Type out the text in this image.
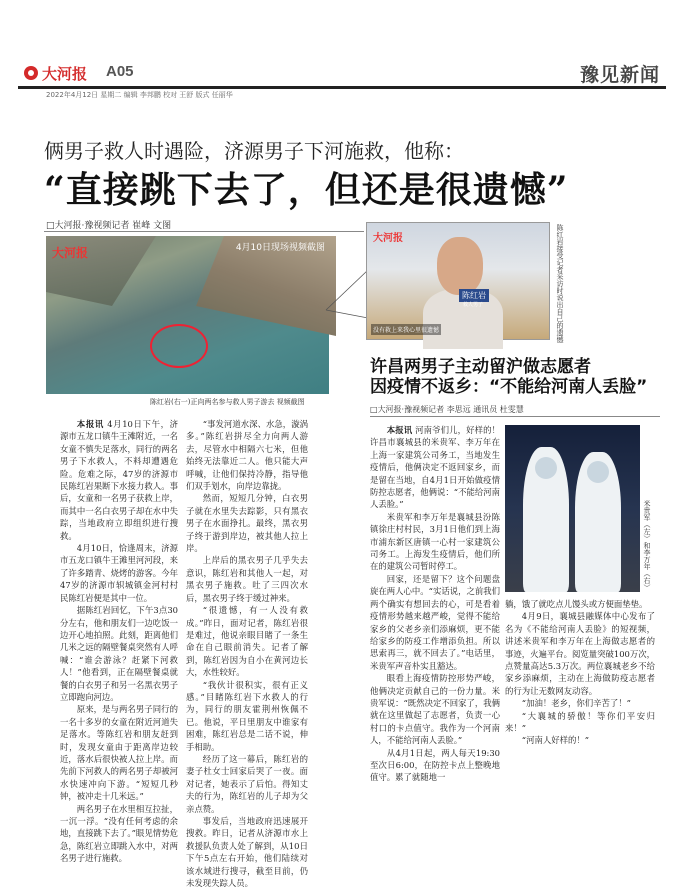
大河报 A05	豫见新闻
2022年4月12日 星期二 编辑 李邦鹏 校对 王舒 版式 任丽华
俩男子救人时遇险，济源男子下河施救，他称：
“直接跳下去了，但还是很遗憾”
□大河报·豫视频记者 崔峰 文图
大河报	4月10日现场视频截图
陈红岩(右一)正向两名参与救人男子游去 视频截图
大河报
陈红岩
救人男子
没有救上来我心里很遗憾	陈红岩接受记者采访时说出自己的遗憾

本报讯 4月10日下午，济源市五龙口镇牛王滩附近，一名女童不慎失足落水，同行的两名男子下水救人，不料却遭遇危险。危难之际，47岁的济源市民陈红岩果断下水接力救人。事后，女童和一名男子获救上岸，而其中一名白衣男子却在水中失踪，当地政府立即组织进行搜救。

4月10日，恰逢周末，济源市五龙口镇牛王滩里河河段，来了许多踏青、烧烤的游客。今年47岁的济源市轵城镇金河村村民陈红岩便是其中一位。

据陈红岩回忆，下午3点30分左右，他和朋友们一边吃饭一边开心地拍照。此刻，距离他们几米之远的隔壁餐桌突然有人呼喊：“谁会游泳？赶紧下河救人！”他看到，正在隔壁餐桌就餐的白衣男子和另一名黑衣男子立即跑向河边。

原来，是与两名男子同行的一名十多岁的女童在附近河道失足落水。等陈红岩和朋友赶到时，发现女童由于距离岸边较近，落水后很快被人拉上岸。而先前下河救人的两名男子却被河水快速冲向下游。“短短几秒钟，被冲走十几米远。”

两名男子在水里相互拉扯，一沉一浮。“没有任何考虑的余地，直接跳下去了。”眼见情势危急，陈红岩立即跳入水中，对两名男子进行施救。

“事发河道水深、水急，漩涡多。”陈红岩拼尽全力向两人游去，尽管水中相隔六七米，但他始终无法靠近二人。他只能大声呼喊，让他们保持冷静，指导他们双手划水，向岸边靠拢。

然而，短短几分钟，白衣男子就在水里失去踪影，只有黑衣男子在水面挣扎。最终，黑衣男子终于游到岸边，被其他人拉上岸。

上岸后的黑衣男子几乎失去意识，陈红岩和其他人一起，对黑衣男子施救。吐了三四次水后，黑衣男子终于缓过神来。

“很遗憾，有一人没有救成。”昨日，面对记者，陈红岩很是难过，他说亲眼目睹了一条生命在自己眼前消失。记者了解到，陈红岩因为自小在黄河边长大，水性较好。

“我伙计很积实，很有正义感。”目睹陈红岩下水救人的行为，同行的朋友霍荆州恢佩不已。他说，平日里朋友中谁家有困难，陈红岩总是二话不说，伸手相助。

经历了这一幕后，陈红岩的妻子杜女士回家后哭了一夜。面对记者，她表示了后怕。得知丈夫的行为，陈红岩的儿子却为父亲点赞。

事发后，当地政府迅速展开搜救。昨日，记者从济源市水上救援队负责人处了解到，从10日下午5点左右开始，他们陆续对该水域进行搜寻，截至目前，仍未发现失踪人员。

许昌两男子主动留沪做志愿者
因疫情不返乡：“不能给河南人丢脸”
□大河报·豫视频记者 李思远 通讯员 杜雯慧

本报讯 河南爷们儿，好样的！许昌市襄城县的米贵军、李万年在上海一家建筑公司务工，当地发生疫情后，他俩决定不返回家乡，而是留在当地，自4月1日开始做疫情防控志愿者，他俩说：“不能给河南人丢脸。”

米贵军和李万年是襄城县汾陈镇徐庄村村民，3月1日他们到上海市浦东新区唐镇一心村一家建筑公司务工。上海发生疫情后，他们所在的建筑公司暂时停工。

回家，还是留下？这个问题盘旋在两人心中。“实话说，之前我们两个确实有想回去的心，可是看着疫情形势越来越严峻，觉得不能给家乡的父老乡亲们添麻烦，更不能给家乡的防疫工作增添负担。所以思索再三，就不回去了。”电话里，米贵军声音朴实且豁达。

眼看上海疫情防控形势严峻，他俩决定贡献自己的一份力量。米贵军说：“既然决定不回家了，我俩就在这里做起了志愿者，负责一心村口的卡点值守。我作为一个河南人，不能给河南人丢脸。”

从4月1日起，两人每天19:30至次日6:00，在防控卡点上整晚地值守。累了就随地一

米贵军（左）和李万年（右）

躺，饿了就吃点儿馒头或方便面垫垫。

4月9日，襄城县融媒体中心发布了名为《不能给河南人丢脸》的短视频，讲述米贵军和李万年在上海做志愿者的事迹，火遍平台。阅览量突破100万次，点赞量高达5.3万次。两位襄城老乡不给家乡添麻烦，主动在上海做防疫志愿者的行为让无数网友动容。

“加油！老乡，你们辛苦了！”

“大襄城的骄傲！等你们平安归来！”

“河南人好样的！”
